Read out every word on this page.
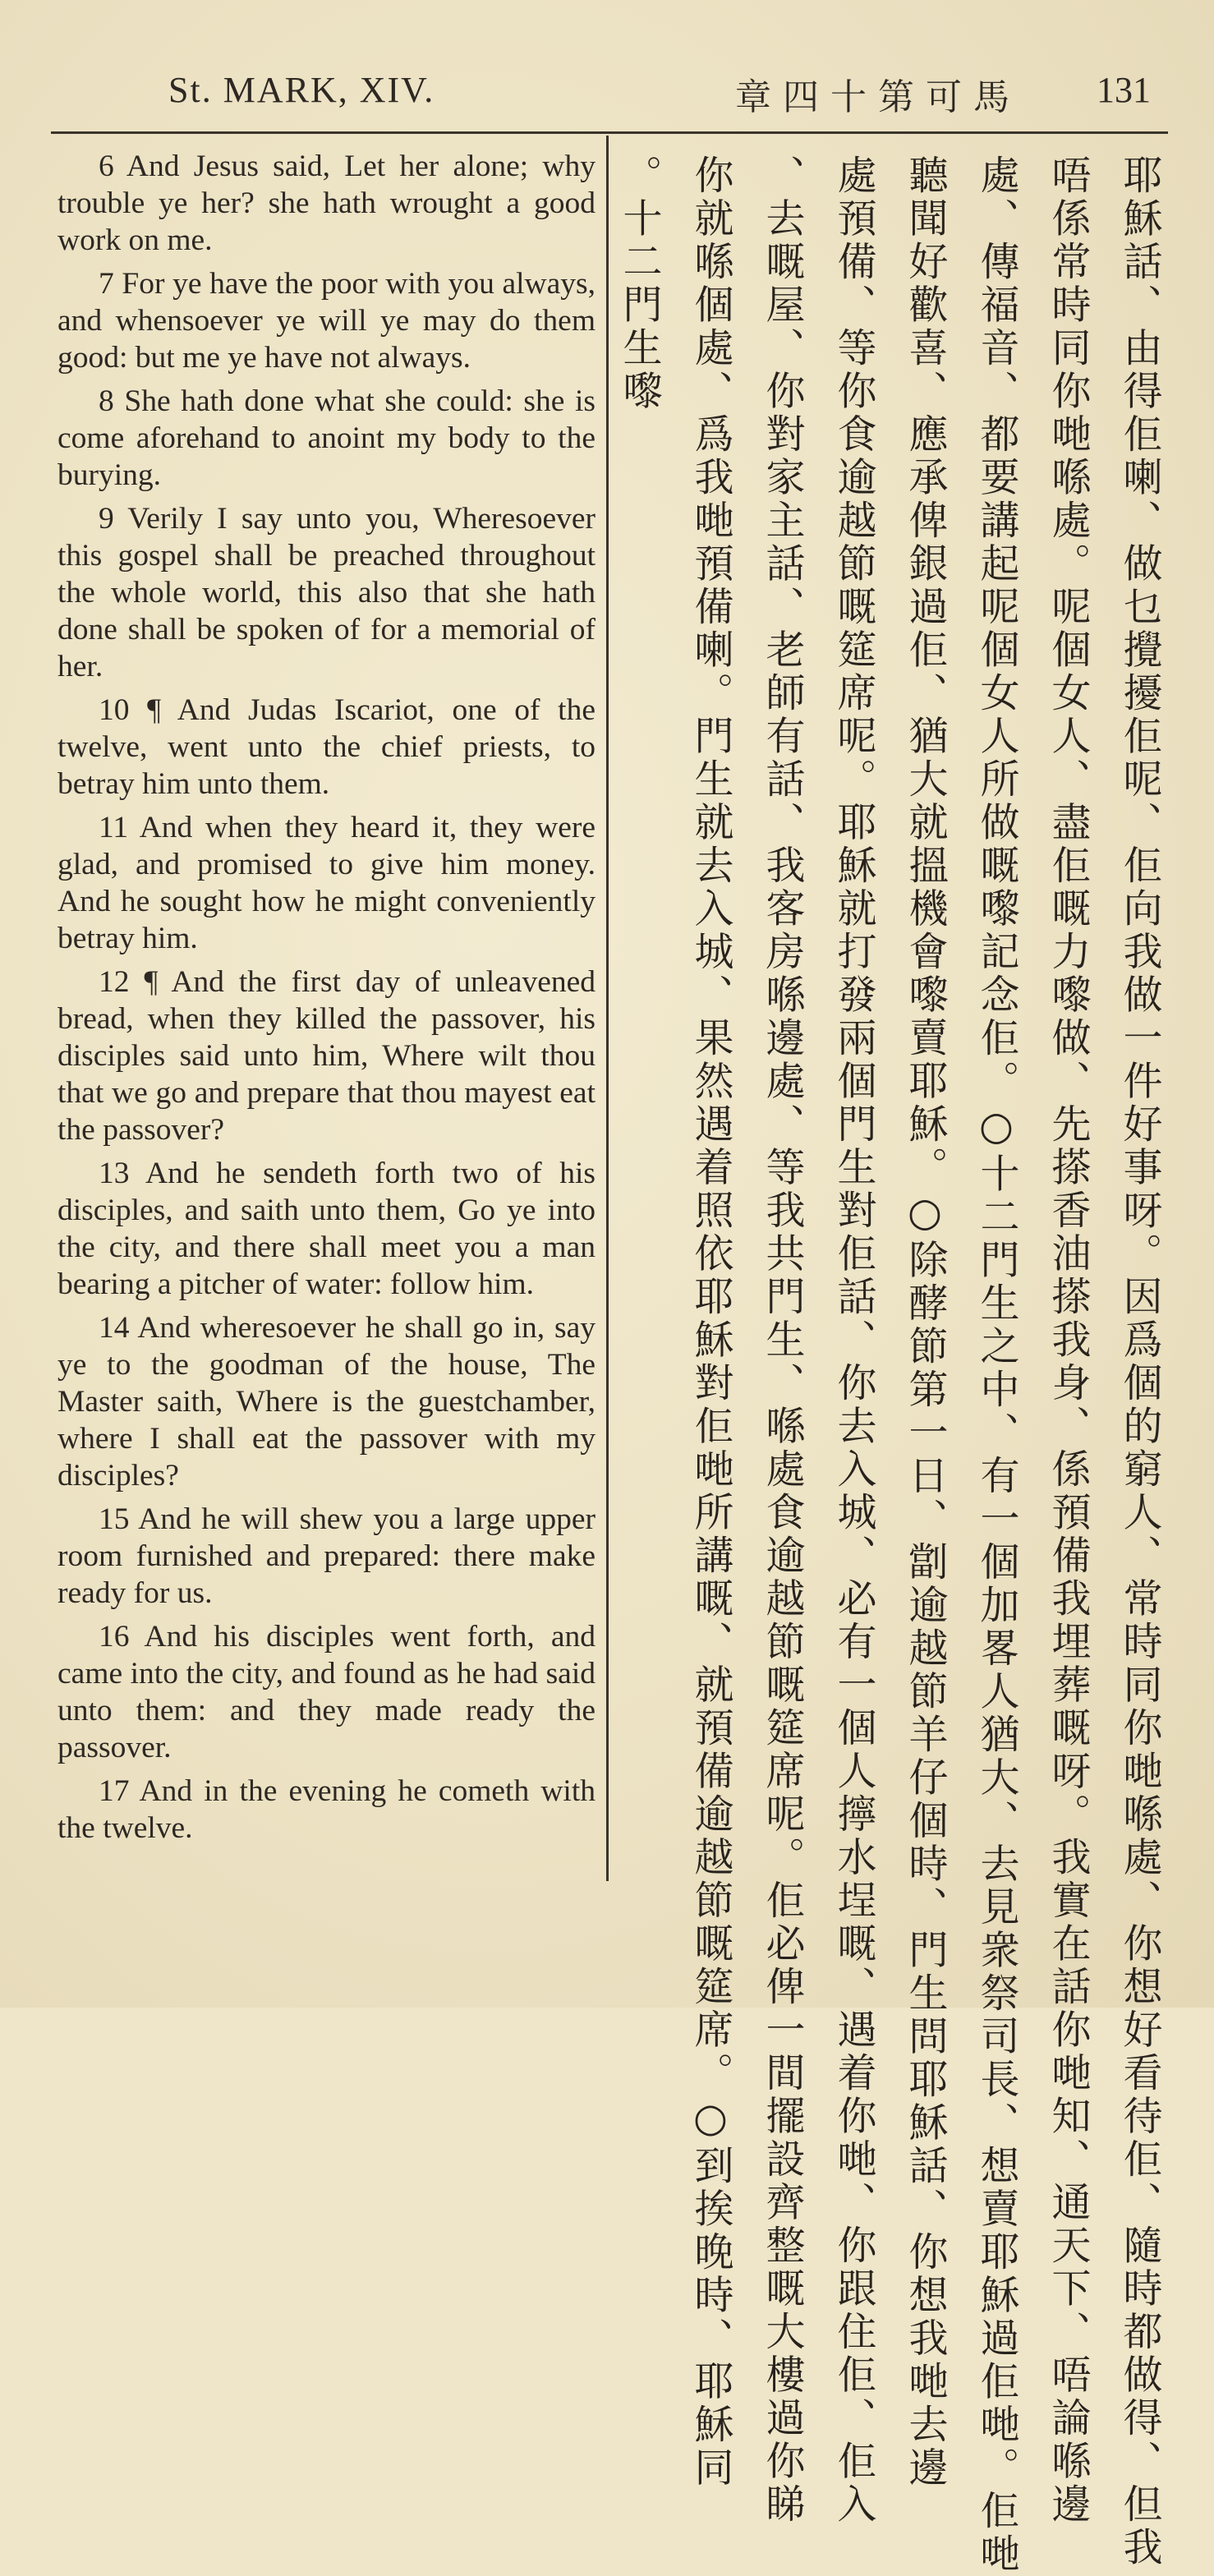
St. MARK, XIV.	章四十第可馬 131

6 And Jesus said, Let her alone; why trouble ye her? she hath wrought a good work on me.

7 For ye have the poor with you always, and whensoever ye will ye may do them good: but me ye have not always.

8 She hath done what she could: she is come aforehand to anoint my body to the burying.

9 Verily I say unto you, Wheresoever this gospel shall be preached throughout the whole world, this also that she hath done shall be spoken of for a memorial of her.

10 ¶ And Judas Iscariot, one of the twelve, went unto the chief priests, to betray him unto them.

11 And when they heard it, they were glad, and promised to give him money. And he sought how he might conveniently betray him.

12 ¶ And the first day of unleavened bread, when they killed the passover, his disciples said unto him, Where wilt thou that we go and prepare that thou mayest eat the passover?

13 And he sendeth forth two of his disciples, and saith unto them, Go ye into the city, and there shall meet you a man bearing a pitcher of water: follow him.

14 And wheresoever he shall go in, say ye to the goodman of the house, The Master saith, Where is the guestchamber, where I shall eat the passover with my disciples?

15 And he will shew you a large upper room furnished and prepared: there make ready for us.

16 And his disciples went forth, and came into the city, and found as he had said unto them: and they made ready the passover.

17 And in the evening he cometh with the twelve.	耶穌話、由得佢喇、做乜攪擾佢呢、佢向我做一件好事呀。因爲個的窮人、常時同你哋喺處、你想好看待佢、隨時都做得、但我
唔係常時同你哋喺處。呢個女人、盡佢嘅力嚟做、先搽香油搽我身、係預備我埋葬嘅呀。我實在話你哋知、通天下、唔論喺邊
處、傳福音、都要講起呢個女人所做嘅嚟記念佢。○十二門生之中、有一個加畧人猶大、去見衆祭司長、想賣耶穌過佢哋。佢哋
聽聞好歡喜、應承俾銀過佢、猶大就搵機會嚟賣耶穌。○除酵節第一日、劏逾越節羊仔個時、門生問耶穌話、你想我哋去邊
處預備、等你食逾越節嘅筵席呢。耶穌就打發兩個門生對佢話、你去入城、必有一個人擰水埕嘅、遇着你哋、你跟住佢、佢入
去嘅屋、你對家主話、老師有話、我客房喺邊處、等我共門生、喺處食逾越節嘅筵席呢。佢必俾一間擺設齊整嘅大樓過你睇、
你就喺個處、爲我哋預備喇。門生就去入城、果然遇着照依耶穌對佢哋所講嘅、就預備逾越節嘅筵席。○到挨晚時、耶穌同
十二門生嚟。
